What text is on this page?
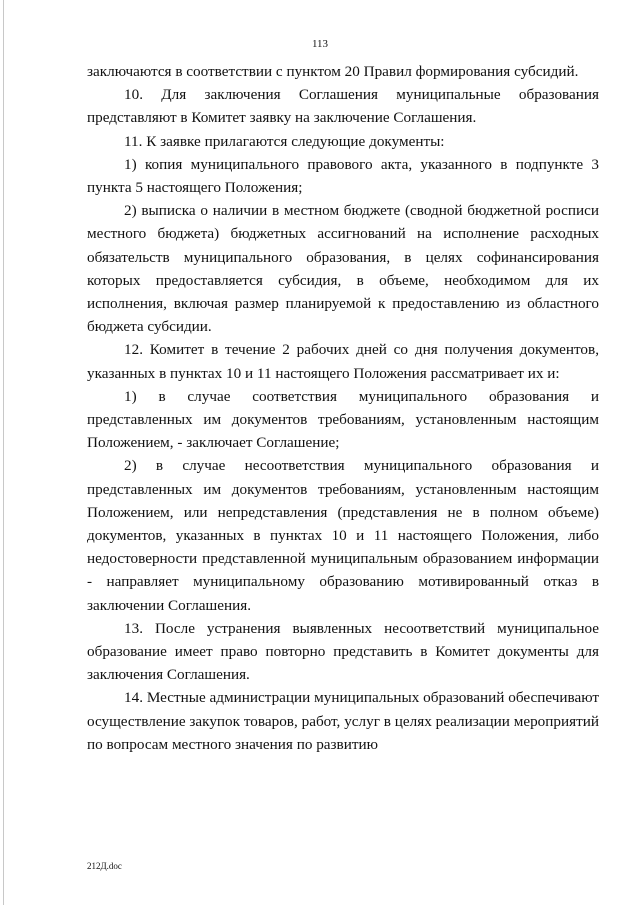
113

заключаются в соответствии с пунктом 20 Правил формирования субсидий.

10. Для заключения Соглашения муниципальные образования представляют в Комитет заявку на заключение Соглашения.

11. К заявке прилагаются следующие документы:

1) копия муниципального правового акта, указанного в подпункте 3 пункта 5 настоящего Положения;

2) выписка о наличии в местном бюджете (сводной бюджетной росписи местного бюджета) бюджетных ассигнований на исполнение расходных обязательств муниципального образования, в целях софинансирования которых предоставляется субсидия, в объеме, необходимом для их исполнения, включая размер планируемой к предоставлению из областного бюджета субсидии.

12. Комитет в течение 2 рабочих дней со дня получения документов, указанных в пунктах 10 и 11 настоящего Положения рассматривает их и:

1) в случае соответствия муниципального образования и представленных им документов требованиям, установленным настоящим Положением, - заключает Соглашение;

2) в случае несоответствия муниципального образования и представленных им документов требованиям, установленным настоящим Положением, или непредставления (представления не в полном объеме) документов, указанных в пунктах 10 и 11 настоящего Положения, либо недостоверности представленной муниципальным образованием информации - направляет муниципальному образованию мотивированный отказ в заключении Соглашения.

13. После устранения выявленных несоответствий муниципальное образование имеет право повторно представить в Комитет документы для заключения Соглашения.

14. Местные администрации муниципальных образований обеспечивают осуществление закупок товаров, работ, услуг в целях реализации мероприятий по вопросам местного значения по развитию

212Д.doc
